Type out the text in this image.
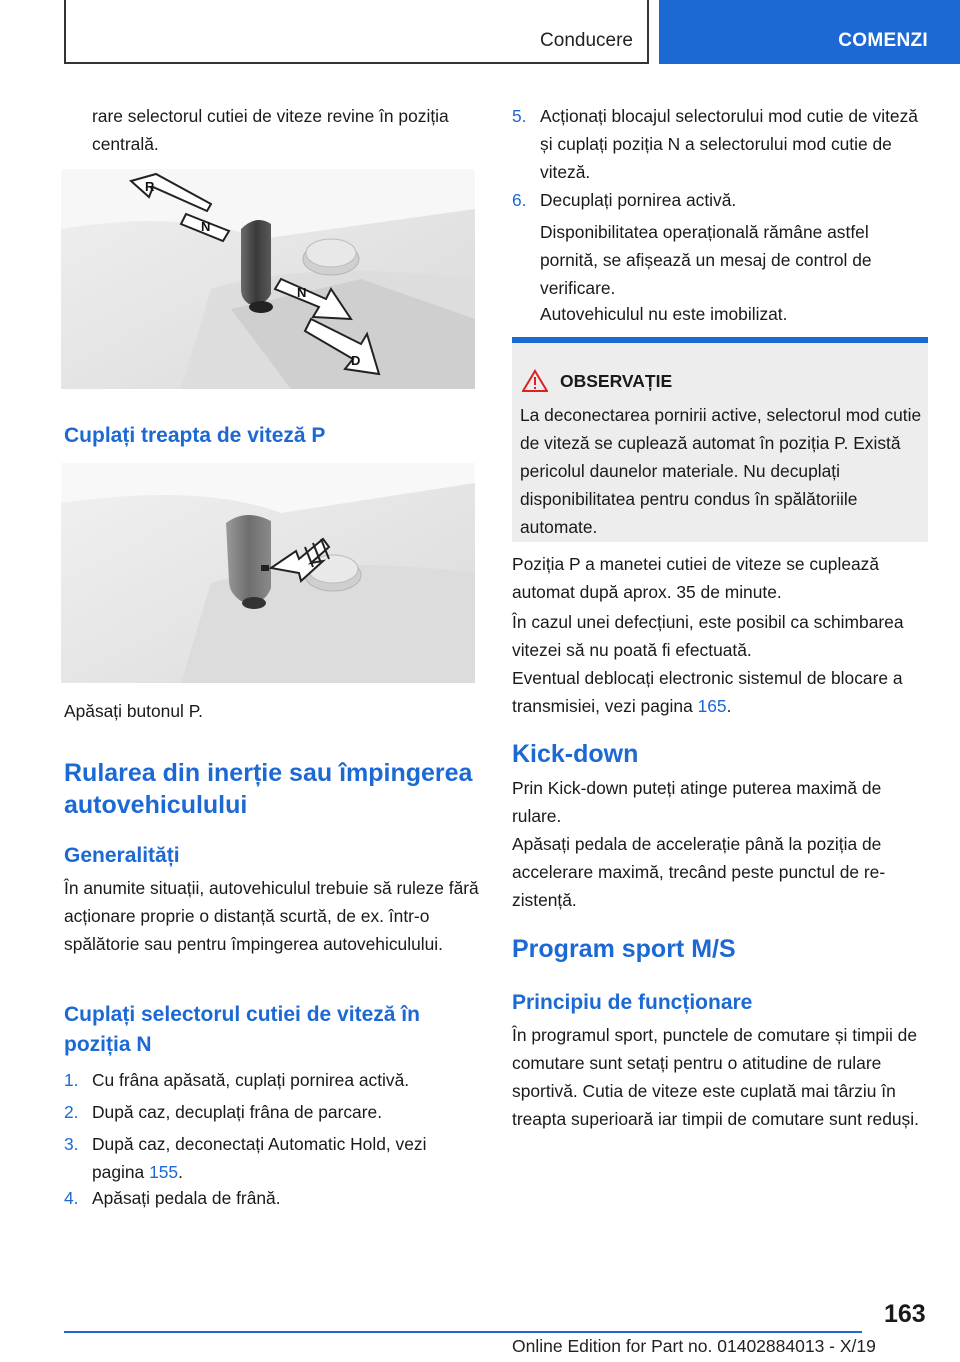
Conducere	COMENZI
rare selectorul cutiei de viteze revine în poziția centrală.
R
N
N
D
Cuplați treapta de viteză P
Apăsați butonul P.
Rularea din inerție sau împingerea autovehiculului
Generalități
În anumite situații, autovehiculul trebuie să ruleze fără acționare proprie o distanță scurtă, de ex. într-o spălătorie sau pentru împingerea autovehiculului.
Cuplați selectorul cutiei de viteză în poziția N
1. Cu frâna apăsată, cuplați pornirea activă.
2. După caz, decuplați frâna de parcare.
3. După caz, deconectați Automatic Hold, vezi pagina 155.
4. Apăsați pedala de frână.
5. Acționați blocajul selectorului mod cutie de viteză și cuplați poziția N a selectorului mod cutie de viteză.
6. Decuplați pornirea activă.
Disponibilitatea operațională rămâne astfel pornită, se afișează un mesaj de control de verificare.
Autovehiculul nu este imobilizat.
OBSERVAȚIE
La deconectarea pornirii active, selectorul mod cutie de viteză se cuplează automat în poziția P. Există pericolul daunelor materiale. Nu decuplați disponibilitatea pentru condus în spălătoriile automate.
Poziția P a manetei cutiei de viteze se cuplează automat după aprox. 35 de minute.
În cazul unei defecțiuni, este posibil ca schimbarea vitezei să nu poată fi efectuată.
Eventual deblocați electronic sistemul de blocare a transmisiei, vezi pagina 165.
Kick-down
Prin Kick-down puteți atinge puterea maximă de rulare.
Apăsați pedala de accelerație până la poziția de accelerare maximă, trecând peste punctul de rezistență.
Program sport M/S
Principiu de funcționare
În programul sport, punctele de comutare și timpii de comutare sunt setați pentru o atitudine de rulare sportivă. Cutia de viteze este cuplată mai târziu în treapta superioară iar timpii de comutare sunt reduși.
163
Online Edition for Part no. 01402884013 - X/19
